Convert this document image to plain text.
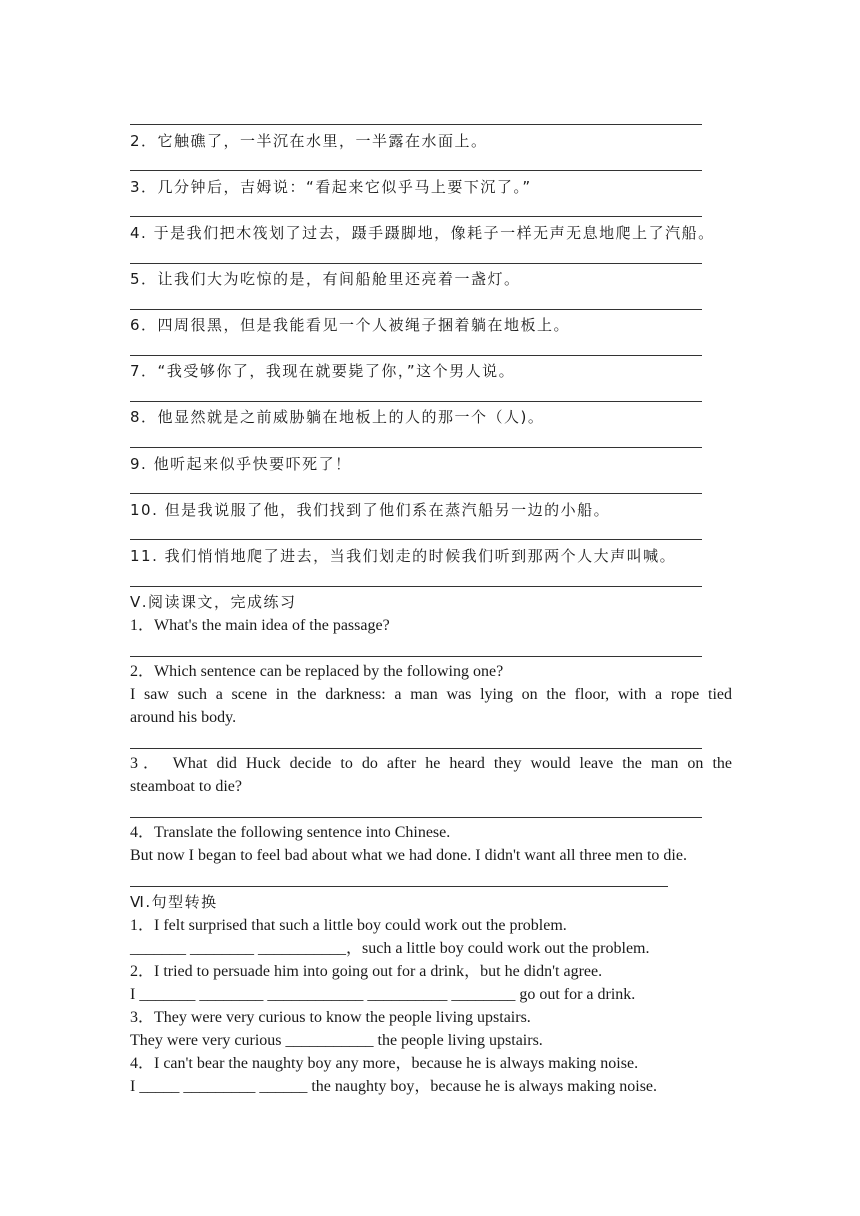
2．它触礁了，一半沉在水里，一半露在水面上。
3．几分钟后，吉姆说：“看起来它似乎马上要下沉了。”
4. 于是我们把木筏划了过去，蹑手蹑脚地，像耗子一样无声无息地爬上了汽船。
5．让我们大为吃惊的是，有间船舱里还亮着一盏灯。
6．四周很黑，但是我能看见一个人被绳子捆着躺在地板上。
7．“我受够你了，我现在就要毙了你，”这个男人说。
8．他显然就是之前威胁躺在地板上的人的那一个（人)。
9. 他听起来似乎快要吓死了！
10. 但是我说服了他，我们找到了他们系在蒸汽船另一边的小船。
11. 我们悄悄地爬了进去，当我们划走的时候我们听到那两个人大声叫喊。
Ⅴ.阅读课文，完成练习
1．What's the main idea of the passage?
2．Which sentence can be replaced by the following one?
I saw such a scene in the darkness: a man was lying on the floor, with a rope tied
around his body.
3． What did Huck decide to do after he heard they would leave the man on the
steamboat to die?
4．Translate the following sentence into Chinese.
But now I began to feel bad about what we had done. I didn't want all three men to die.
Ⅵ.句型转换
1．I felt surprised that such a little boy could work out the problem.
_______ ________ ___________，such a little boy could work out the problem.
2．I tried to persuade him into going out for a drink，but he didn't agree.
I _______ ________ ____________ __________ ________ go out for a drink.
3．They were very curious to know the people living upstairs.
They were very curious ___________ the people living upstairs.
4．I can't bear the naughty boy any more，because he is always making noise.
I _____ _________ ______ the naughty boy，because he is always making noise.
